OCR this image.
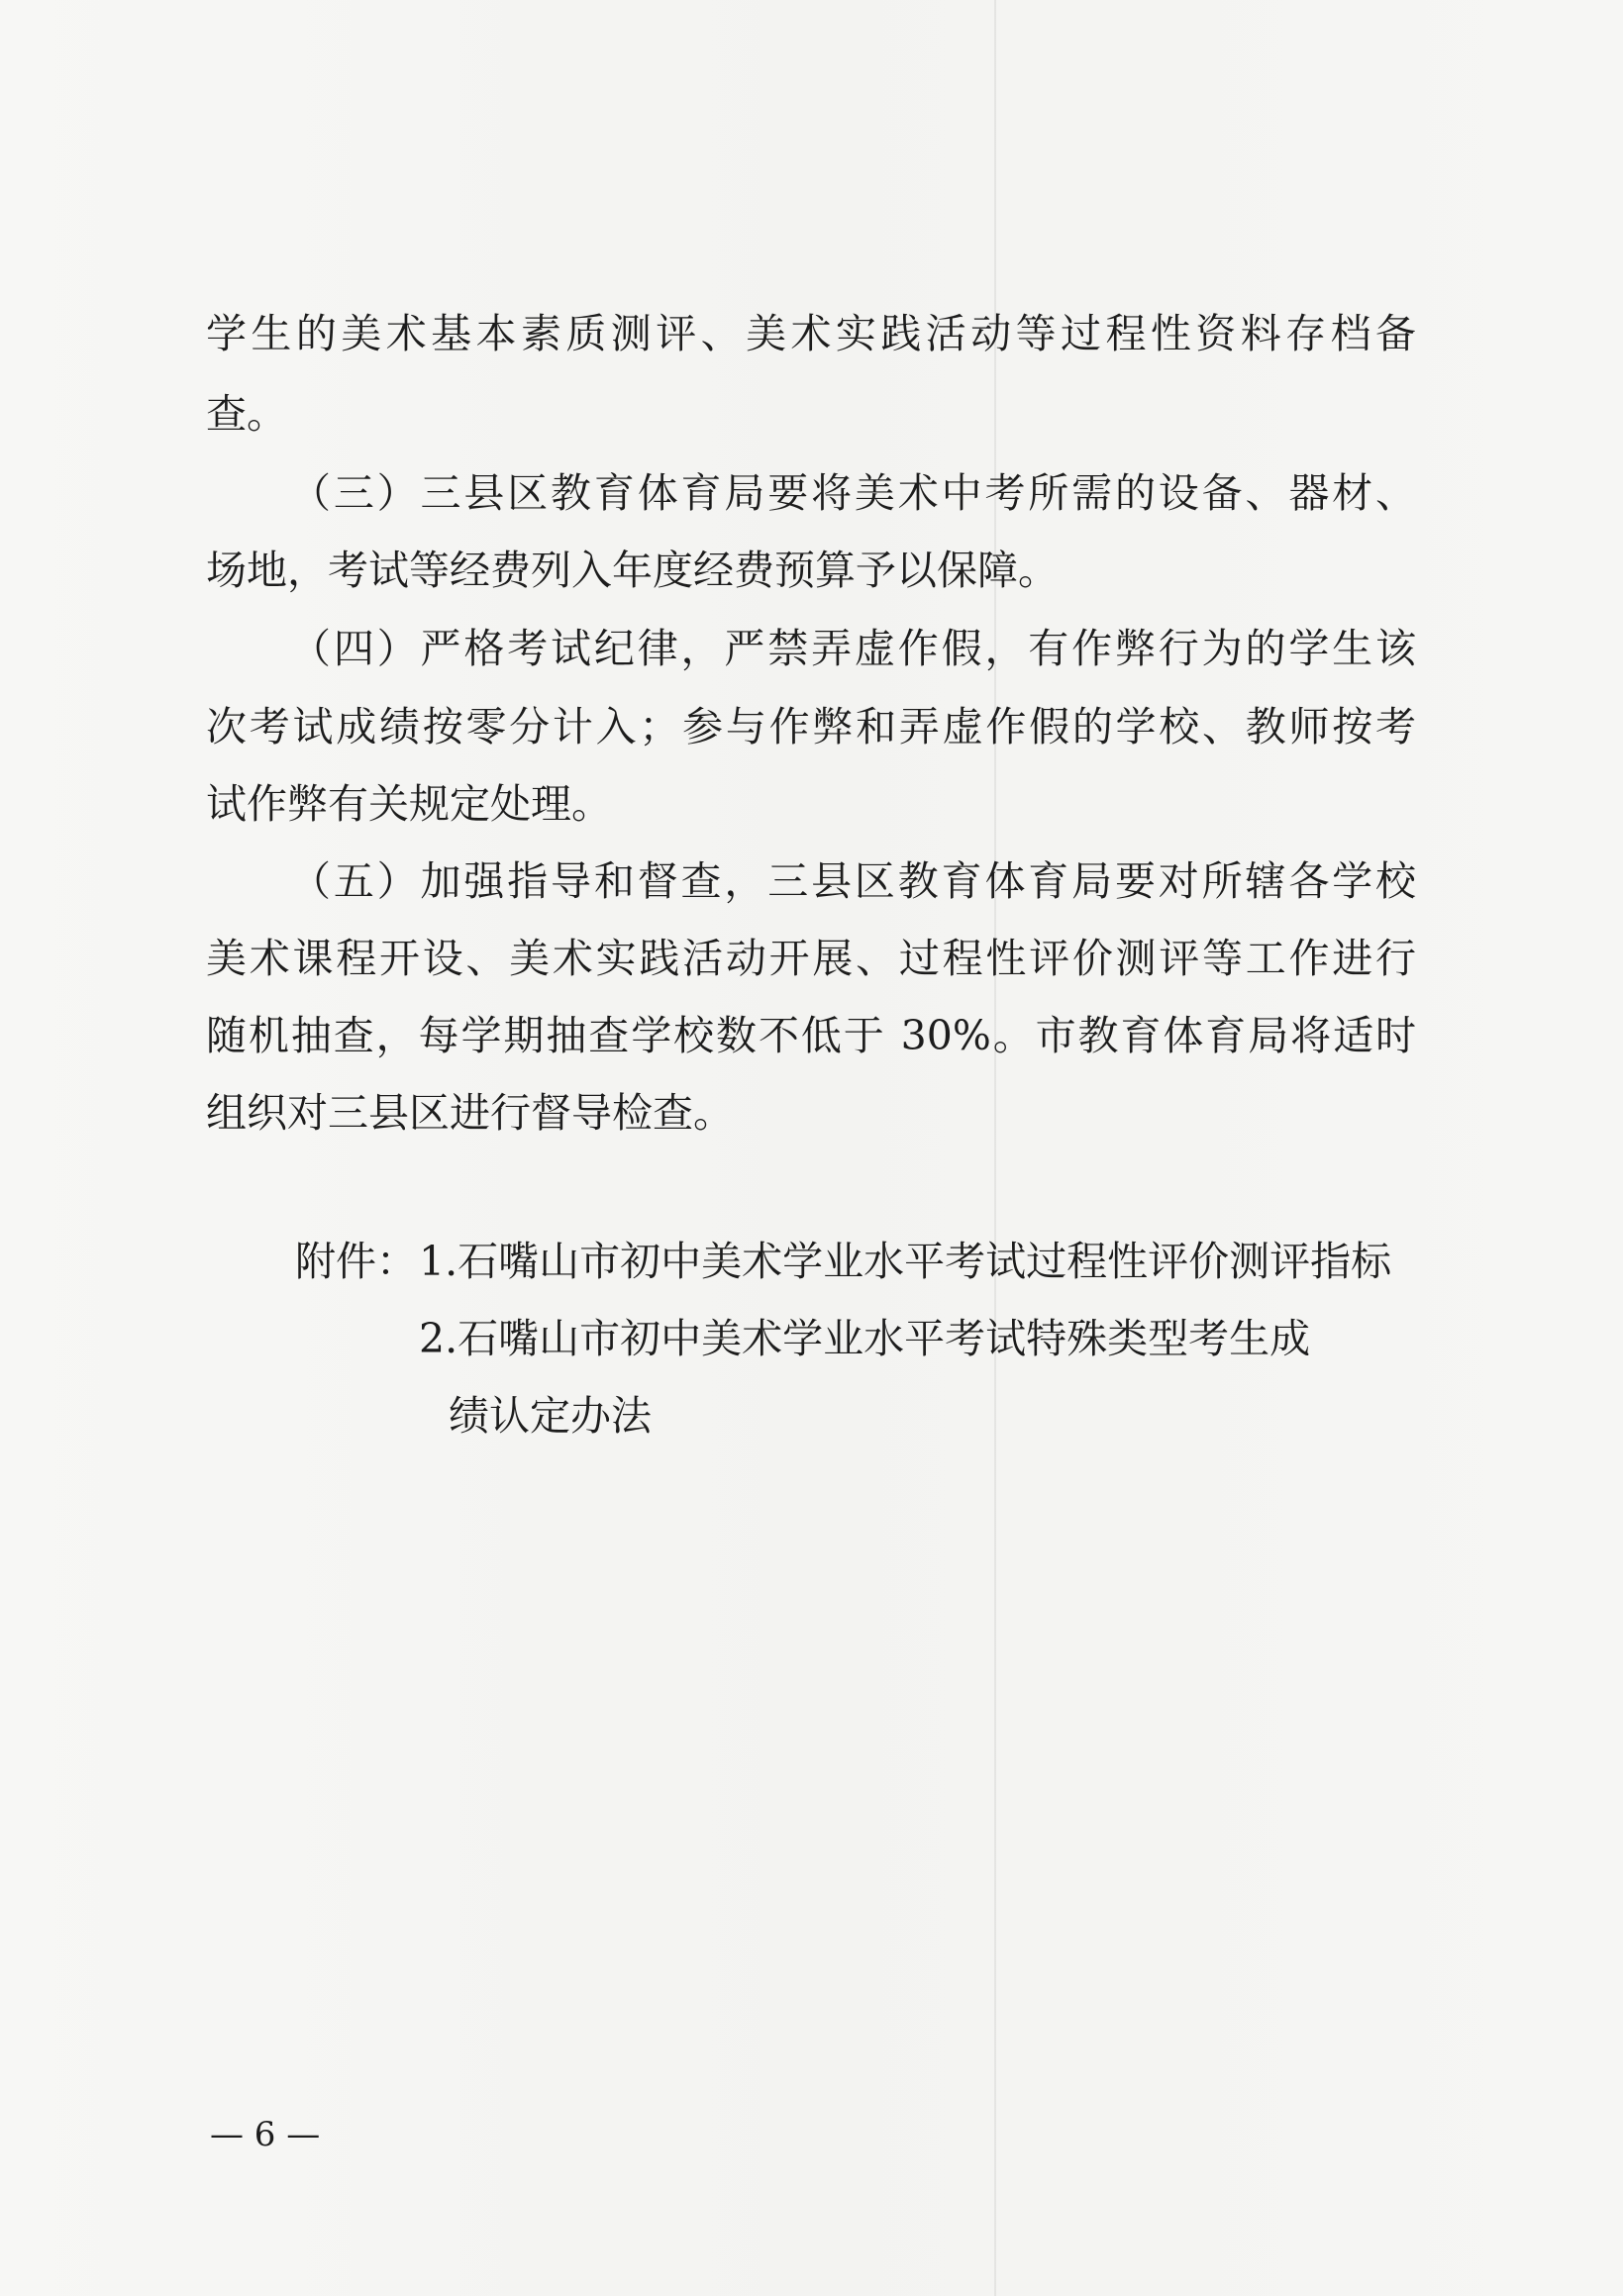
学生的美术基本素质测评、美术实践活动等过程性资料存档备
查。
（三）三县区教育体育局要将美术中考所需的设备、器材、
场地，考试等经费列入年度经费预算予以保障。
（四）严格考试纪律，严禁弄虚作假，有作弊行为的学生该
次考试成绩按零分计入；参与作弊和弄虚作假的学校、教师按考
试作弊有关规定处理。
（五）加强指导和督查，三县区教育体育局要对所辖各学校
美术课程开设、美术实践活动开展、过程性评价测评等工作进行
随机抽查，每学期抽查学校数不低于 30%。市教育体育局将适时
组织对三县区进行督导检查。
附件： 1.石嘴山市初中美术学业水平考试过程性评价测评指标
2.石嘴山市初中美术学业水平考试特殊类型考生成
绩认定办法
— 6 —
